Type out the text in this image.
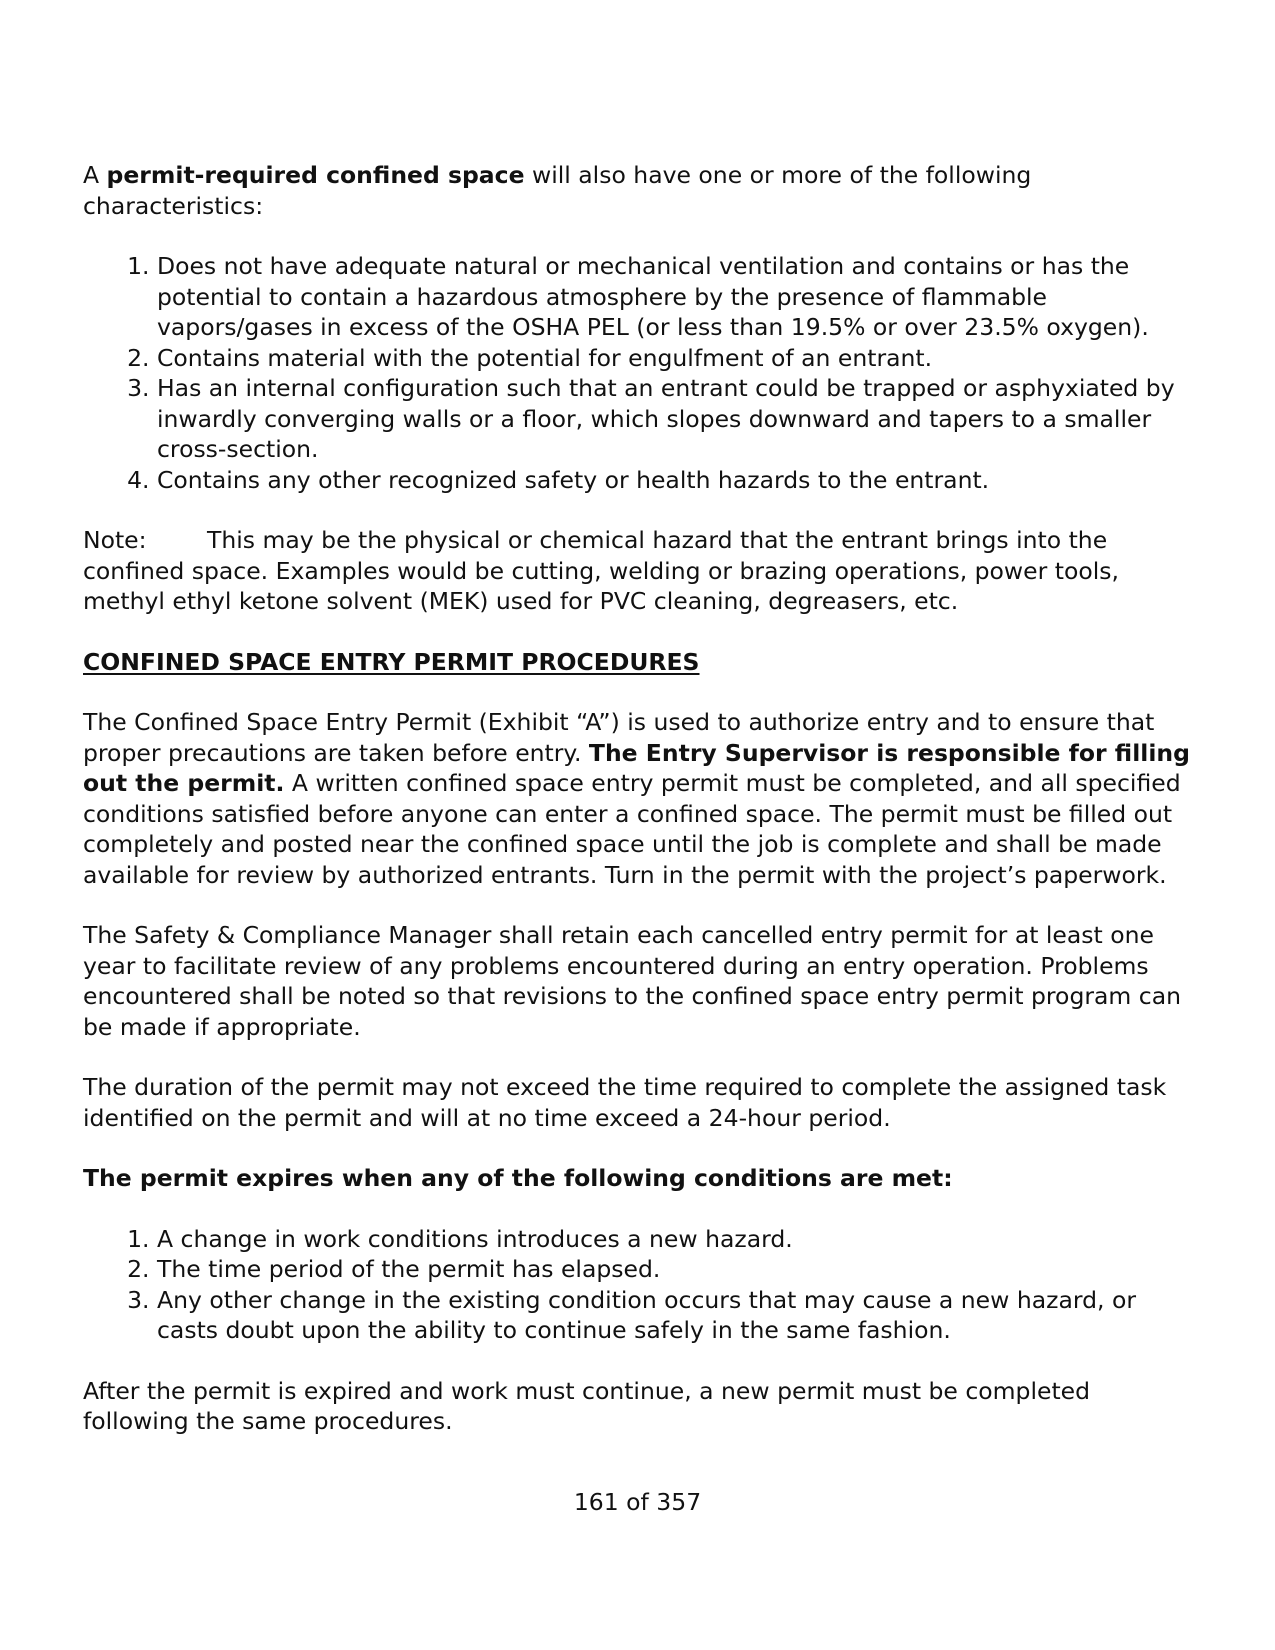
A permit-required confined space will also have one or more of the following characteristics:

1. Does not have adequate natural or mechanical ventilation and contains or has the potential to contain a hazardous atmosphere by the presence of flammable vapors/gases in excess of the OSHA PEL (or less than 19.5% or over 23.5% oxygen).
2. Contains material with the potential for engulfment of an entrant.
3. Has an internal configuration such that an entrant could be trapped or asphyxiated by inwardly converging walls or a floor, which slopes downward and tapers to a smaller cross-section.
4. Contains any other recognized safety or health hazards to the entrant.

Note:	This may be the physical or chemical hazard that the entrant brings into the confined space. Examples would be cutting, welding or brazing operations, power tools, methyl ethyl ketone solvent (MEK) used for PVC cleaning, degreasers, etc.

CONFINED SPACE ENTRY PERMIT PROCEDURES

The Confined Space Entry Permit (Exhibit “A”) is used to authorize entry and to ensure that proper precautions are taken before entry. The Entry Supervisor is responsible for filling out the permit. A written confined space entry permit must be completed, and all specified conditions satisfied before anyone can enter a confined space. The permit must be filled out completely and posted near the confined space until the job is complete and shall be made available for review by authorized entrants. Turn in the permit with the project’s paperwork.

The Safety & Compliance Manager shall retain each cancelled entry permit for at least one year to facilitate review of any problems encountered during an entry operation. Problems encountered shall be noted so that revisions to the confined space entry permit program can be made if appropriate.

The duration of the permit may not exceed the time required to complete the assigned task identified on the permit and will at no time exceed a 24-hour period.

The permit expires when any of the following conditions are met:

1. A change in work conditions introduces a new hazard.
2. The time period of the permit has elapsed.
3. Any other change in the existing condition occurs that may cause a new hazard, or casts doubt upon the ability to continue safely in the same fashion.

After the permit is expired and work must continue, a new permit must be completed following the same procedures.

161 of 357
